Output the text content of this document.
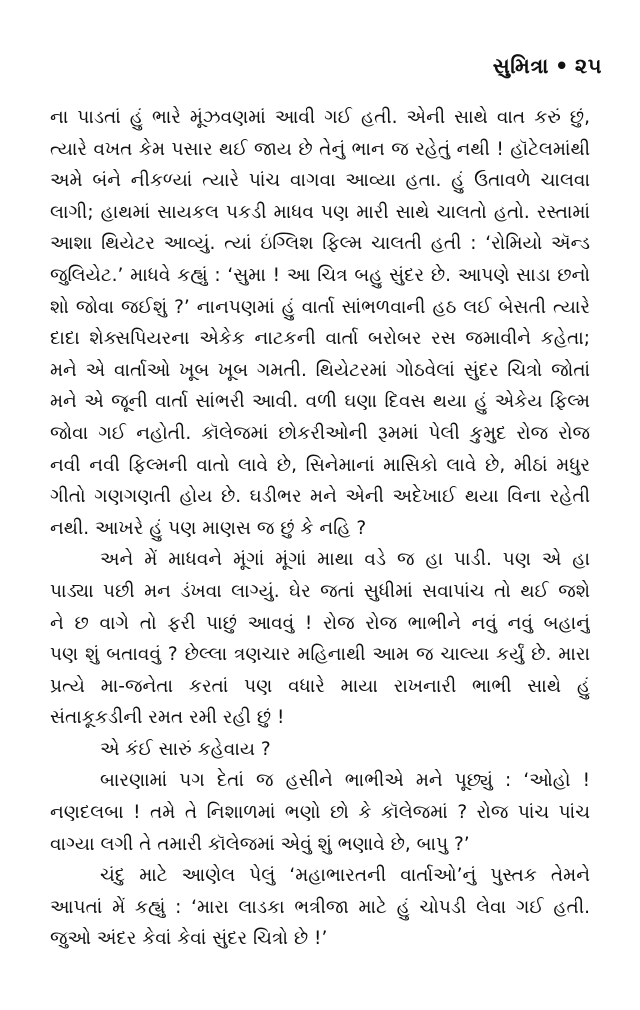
સુમિત્રા • ૨૫
ના પાડતાં હું ભારે મૂંઝવણમાં આવી ગઈ હતી. એની સાથે વાત કરું છું,
ત્યારે વખત કેમ પસાર થઈ જાય છે તેનું ભાન જ રહેતું નથી ! હૉટેલમાંથી
અમે બંને નીકળ્યાં ત્યારે પાંચ વાગવા આવ્યા હતા. હું ઉતાવળે ચાલવા
લાગી; હાથમાં સાયકલ પકડી માધવ પણ મારી સાથે ચાલતો હતો. રસ્તામાં
આશા થિયેટર આવ્યું. ત્યાં ઇંગ્લિશ ફિલ્મ ચાલતી હતી : ‘રોમિયો ઍન્ડ
જુલિયેટ.’ માધવે કહ્યું : ‘સુમા ! આ ચિત્ર બહુ સુંદર છે. આપણે સાડા છનો
શો જોવા જઈશું ?’ નાનપણમાં હું વાર્તા સાંભળવાની હઠ લઈ બેસતી ત્યારે
દાદા શેક્સપિયરના એકેક નાટકની વાર્તા બરોબર રસ જમાવીને કહેતા;
મને એ વાર્તાઓ ખૂબ ખૂબ ગમતી. થિયેટરમાં ગોઠવેલાં સુંદર ચિત્રો જોતાં
મને એ જૂની વાર્તા સાંભરી આવી. વળી ઘણા દિવસ થયા હું એકેય ફિલ્મ
જોવા ગઈ નહોતી. કૉલેજમાં છોકરીઓની રૂમમાં પેલી કુમુદ રોજ રોજ
નવી નવી ફિલ્મની વાતો લાવે છે, સિનેમાનાં માસિકો લાવે છે, મીઠાં મધુર
ગીતો ગણગણતી હોય છે. ઘડીભર મને એની અદેખાઈ થયા વિના રહેતી
નથી. આખરે હું પણ માણસ જ છું કે નહિ ?
અને મેં માધવને મૂંગાં મૂંગાં માથા વડે જ હા પાડી. પણ એ હા
પાડ્યા પછી મન ડંખવા લાગ્યું. ઘેર જતાં સુધીમાં સવાપાંચ તો થઈ જશે
ને છ વાગે તો ફરી પાછું આવવું ! રોજ રોજ ભાભીને નવું નવું બહાનું
પણ શું બતાવવું ? છેલ્લા ત્રણચાર મહિનાથી આમ જ ચાલ્યા કર્યું છે. મારા
પ્રત્યે મા-જનેતા કરતાં પણ વધારે માયા રાખનારી ભાભી સાથે હું
સંતાકૂકડીની રમત રમી રહી છું !
એ કંઈ સારું કહેવાય ?
બારણામાં પગ દેતાં જ હસીને ભાભીએ મને પૂછ્યું : ‘ઓહો !
નણદલબા ! તમે તે નિશાળમાં ભણો છો કે કૉલેજમાં ? રોજ પાંચ પાંચ
વાગ્યા લગી તે તમારી કૉલેજમાં એવું શું ભણાવે છે, બાપુ ?’
ચંદુ માટે આણેલ પેલું ‘મહાભારતની વાર્તાઓ’નું પુસ્તક તેમને
આપતાં મેં કહ્યું : ‘મારા લાડકા ભત્રીજા માટે હું ચોપડી લેવા ગઈ હતી.
જુઓ અંદર કેવાં કેવાં સુંદર ચિત્રો છે !’
